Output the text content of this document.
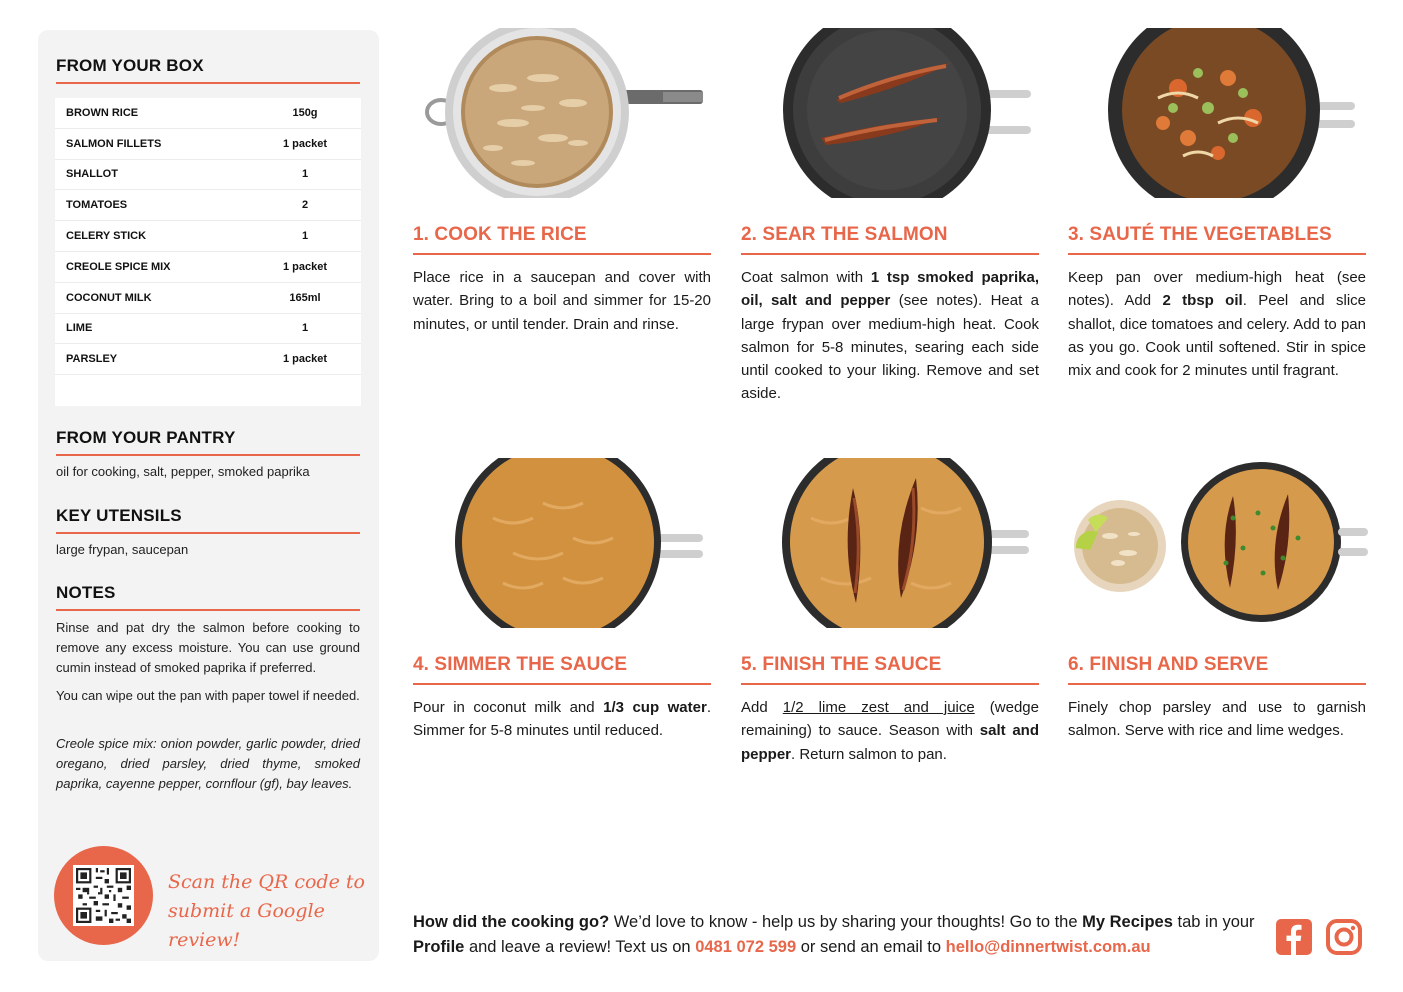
FROM YOUR BOX
BROWN RICE	150g
SALMON FILLETS	1 packet
SHALLOT	1
TOMATOES	2
CELERY STICK	1
CREOLE SPICE MIX	1 packet
COCONUT MILK	165ml
LIME	1
PARSLEY	1 packet
FROM YOUR PANTRY
oil for cooking, salt, pepper, smoked paprika
KEY UTENSILS
large frypan, saucepan
NOTES
Rinse and pat dry the salmon before cooking to remove any excess moisture. You can use ground cumin instead of smoked paprika if preferred.
You can wipe out the pan with paper towel if needed.
Creole spice mix: onion powder, garlic powder, dried oregano, dried parsley, dried thyme, smoked paprika, cayenne pepper, cornflour (gf), bay leaves.
Scan the QR code to
submit a Google review!
1. COOK THE RICE
Place rice in a saucepan and cover with water. Bring to a boil and simmer for 15-20 minutes, or until tender. Drain and rinse.
2. SEAR THE SALMON
Coat salmon with 1 tsp smoked paprika, oil, salt and pepper (see notes). Heat a large frypan over medium-high heat. Cook salmon for 5-8 minutes, searing each side until cooked to your liking. Remove and set aside.
3. SAUTÉ THE VEGETABLES
Keep pan over medium-high heat (see notes). Add 2 tbsp oil. Peel and slice shallot, dice tomatoes and celery. Add to pan as you go. Cook until softened. Stir in spice mix and cook for 2 minutes until fragrant.
4. SIMMER THE SAUCE
Pour in coconut milk and 1/3 cup water. Simmer for 5-8 minutes until reduced.
5. FINISH THE SAUCE
Add 1/2 lime zest and juice (wedge remaining) to sauce. Season with salt and pepper. Return salmon to pan.
6. FINISH AND SERVE
Finely chop parsley and use to garnish salmon. Serve with rice and lime wedges.
How did the cooking go? We’d love to know - help us by sharing your thoughts! Go to the My Recipes tab in your Profile and leave a review! Text us on 0481 072 599 or send an email to hello@dinnertwist.com.au
